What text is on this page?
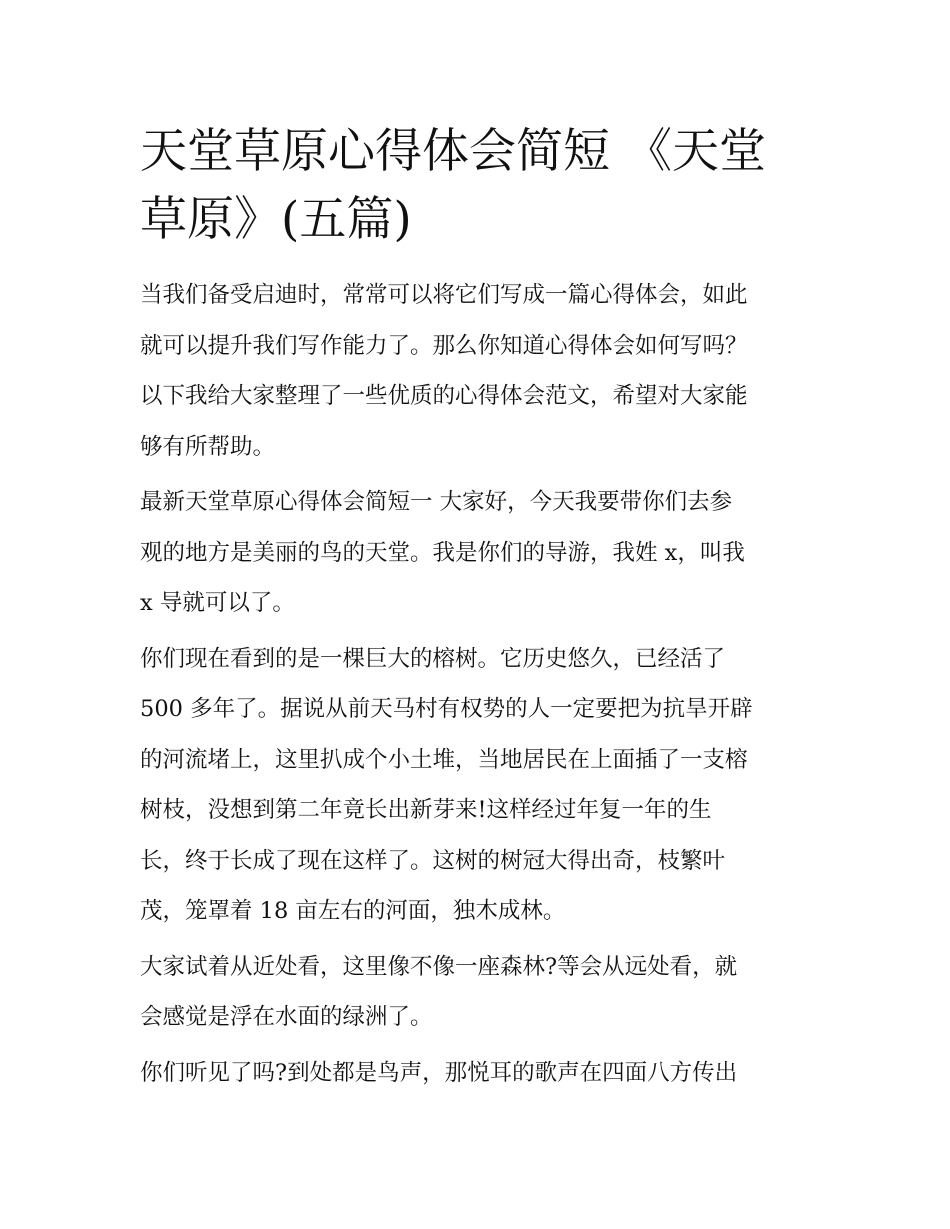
天堂草原心得体会简短 《天堂
草原》(五篇)

当我们备受启迪时，常常可以将它们写成一篇心得体会，如此
就可以提升我们写作能力了。那么你知道心得体会如何写吗？
以下我给大家整理了一些优质的心得体会范文，希望对大家能
够有所帮助。

最新天堂草原心得体会简短一 大家好，今天我要带你们去参
观的地方是美丽的鸟的天堂。我是你们的导游，我姓 x，叫我
x 导就可以了。

你们现在看到的是一棵巨大的榕树。它历史悠久，已经活了
500 多年了。据说从前天马村有权势的人一定要把为抗旱开辟
的河流堵上，这里扒成个小土堆，当地居民在上面插了一支榕
树枝，没想到第二年竟长出新芽来!这样经过年复一年的生
长，终于长成了现在这样了。这树的树冠大得出奇，枝繁叶
茂，笼罩着 18 亩左右的河面，独木成林。

大家试着从近处看，这里像不像一座森林?等会从远处看，就
会感觉是浮在水面的绿洲了。

你们听见了吗?到处都是鸟声，那悦耳的歌声在四面八方传出
